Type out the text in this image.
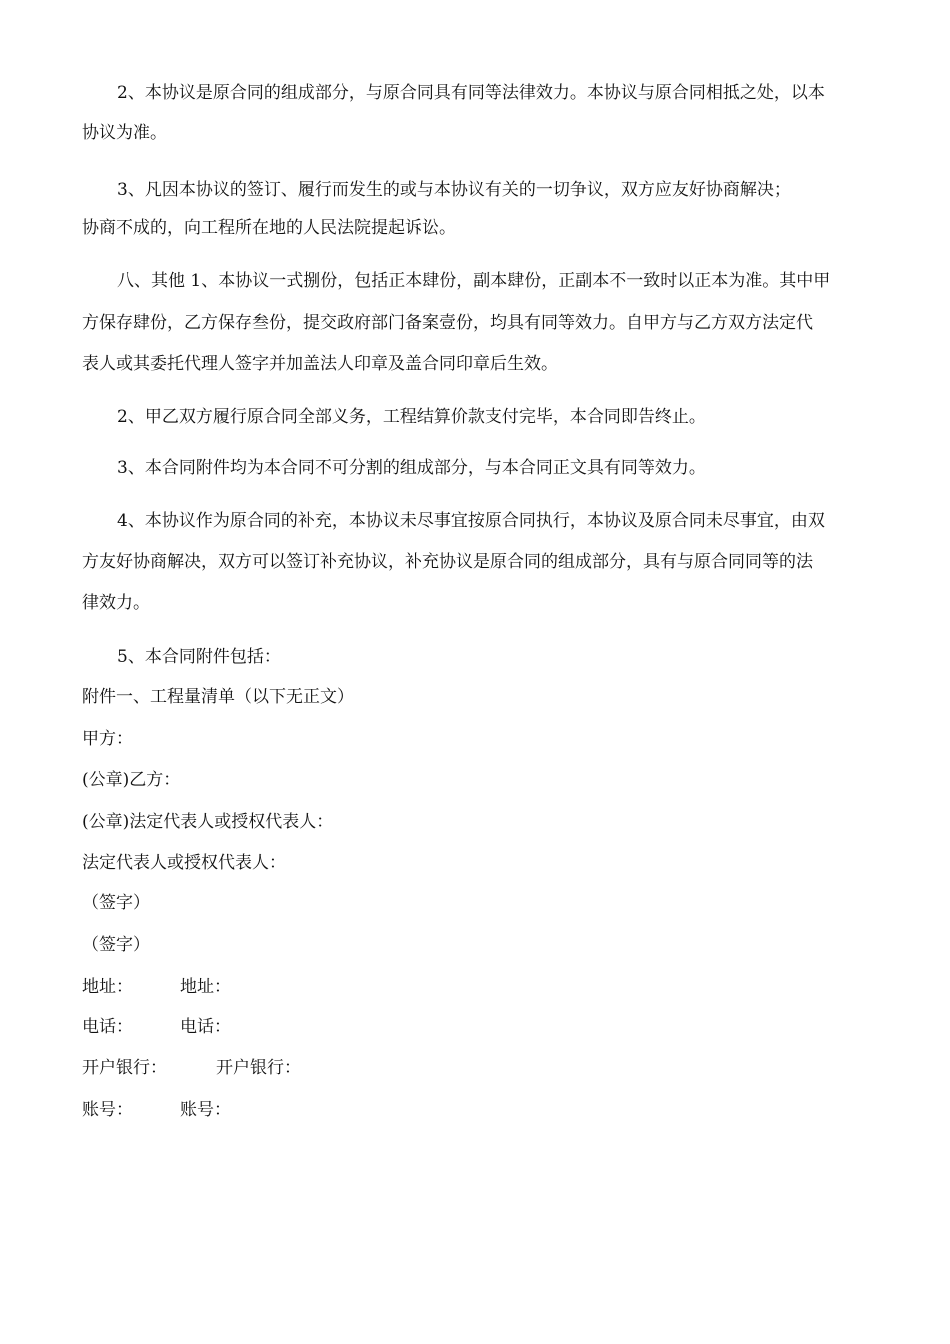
2、本协议是原合同的组成部分，与原合同具有同等法律效力。本协议与原合同相抵之处，以本
协议为准。
3、凡因本协议的签订、履行而发生的或与本协议有关的一切争议，双方应友好协商解决；
协商不成的，向工程所在地的人民法院提起诉讼。
八、其他 1、本协议一式捌份，包括正本肆份，副本肆份，正副本不一致时以正本为准。其中甲
方保存肆份，乙方保存叁份，提交政府部门备案壹份，均具有同等效力。自甲方与乙方双方法定代
表人或其委托代理人签字并加盖法人印章及盖合同印章后生效。
2、甲乙双方履行原合同全部义务，工程结算价款支付完毕，本合同即告终止。
3、本合同附件均为本合同不可分割的组成部分，与本合同正文具有同等效力。
4、本协议作为原合同的补充，本协议未尽事宜按原合同执行，本协议及原合同未尽事宜，由双
方友好协商解决，双方可以签订补充协议，补充协议是原合同的组成部分，具有与原合同同等的法
律效力。
5、本合同附件包括：
附件一、工程量清单（以下无正文）
甲方：
(公章)乙方：
(公章)法定代表人或授权代表人：
法定代表人或授权代表人：
（签字）
（签字）
地址：	地址：
电话：	电话：
开户银行：	开户银行：
账号：	账号：
